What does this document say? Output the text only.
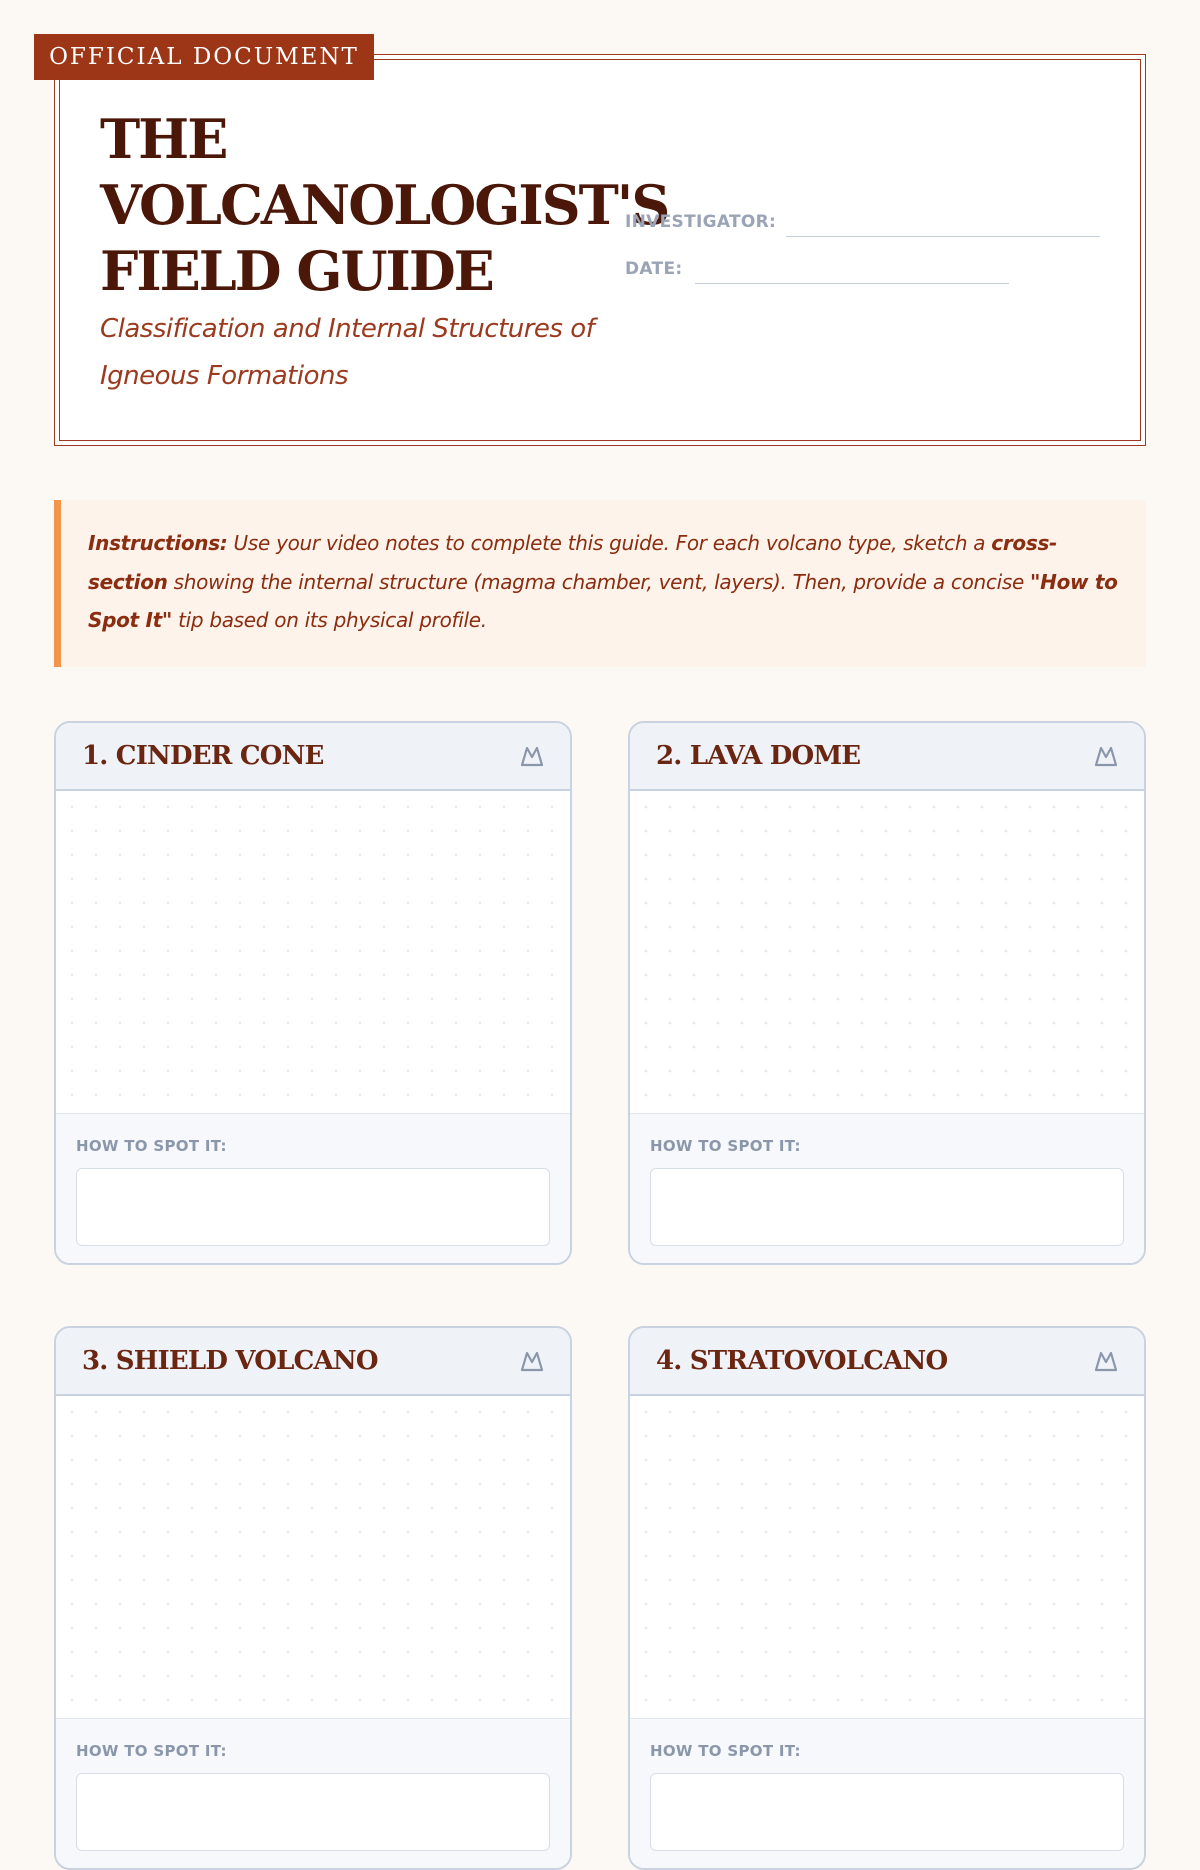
OFFICIAL DOCUMENT
THE
VOLCANOLOGIST'S
FIELD GUIDE
Classification and Internal Structures of Igneous Formations
INVESTIGATOR:
DATE:
Instructions: Use your video notes to complete this guide. For each volcano type, sketch a cross-section showing the internal structure (magma chamber, vent, layers). Then, provide a concise "How to Spot It" tip based on its physical profile.
1. CINDER CONE
HOW TO SPOT IT:
2. LAVA DOME
HOW TO SPOT IT:
3. SHIELD VOLCANO
HOW TO SPOT IT:
4. STRATOVOLCANO
HOW TO SPOT IT:
